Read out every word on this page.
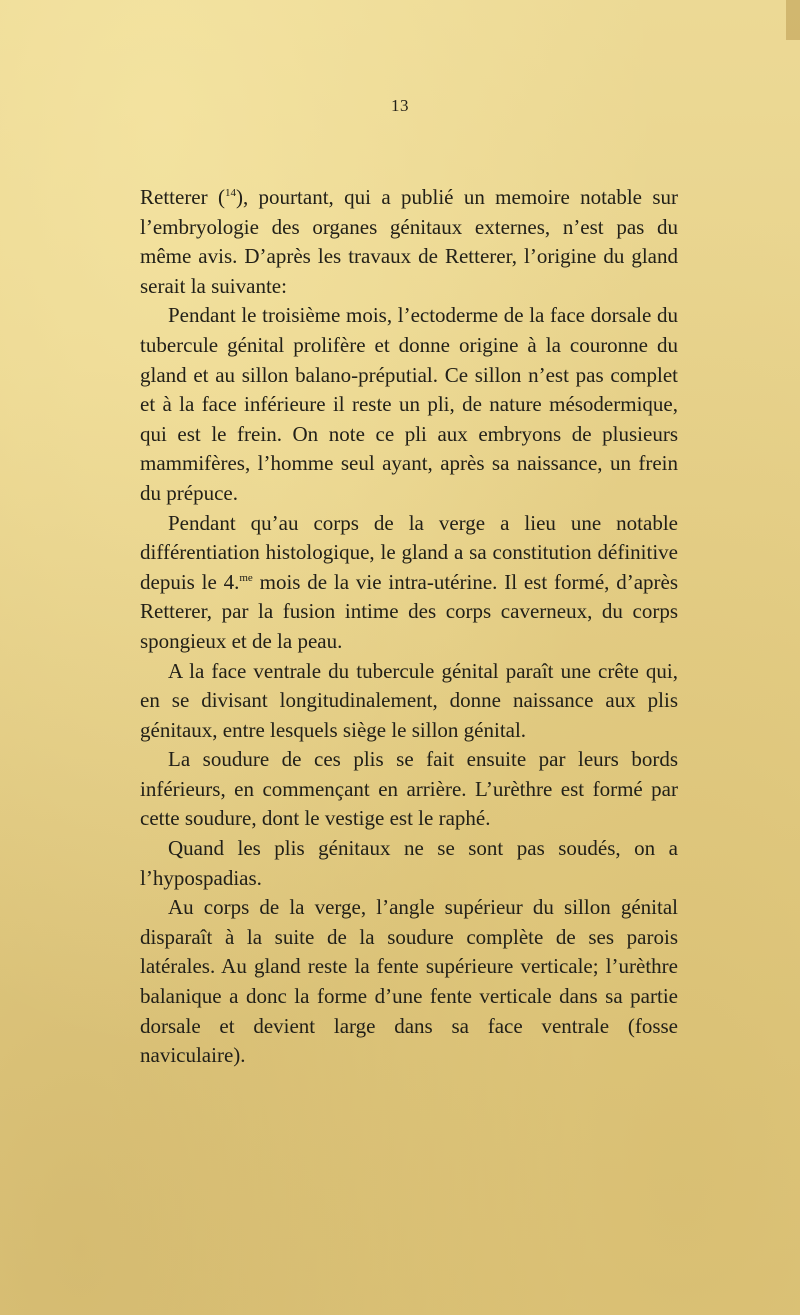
13

Retterer ($^{14}$), pourtant, qui a publié un memoire notable sur l’embryologie des organes génitaux externes, n’est pas du même avis. D’après les travaux de Retterer, l’origine du gland serait la suivante:

Pendant le troisième mois, l’ectoderme de la face dorsale du tubercule génital prolifère et donne origine à la couronne du gland et au sillon balano-préputial. Ce sillon n’est pas complet et à la face inférieure il reste un pli, de nature mésodermique, qui est le frein. On note ce pli aux embryons de plusieurs mammifères, l’homme seul ayant, après sa naissance, un frein du prépuce.

Pendant qu’au corps de la verge a lieu une notable différentiation histologique, le gland a sa constitution définitive depuis le 4.$^{me}$ mois de la vie intra-utérine. Il est formé, d’après Retterer, par la fusion intime des corps caverneux, du corps spongieux et de la peau.

A la face ventrale du tubercule génital paraît une crête qui, en se divisant longitudinalement, donne naissance aux plis génitaux, entre lesquels siège le sillon génital.

La soudure de ces plis se fait ensuite par leurs bords inférieurs, en commençant en arrière. L’urèthre est formé par cette soudure, dont le vestige est le raphé.

Quand les plis génitaux ne se sont pas soudés, on a l’hypospadias.

Au corps de la verge, l’angle supérieur du sillon génital disparaît à la suite de la soudure complète de ses parois latérales. Au gland reste la fente supérieure verticale; l’urèthre balanique a donc la forme d’une fente verticale dans sa partie dorsale et devient large dans sa face ventrale (fosse naviculaire).
